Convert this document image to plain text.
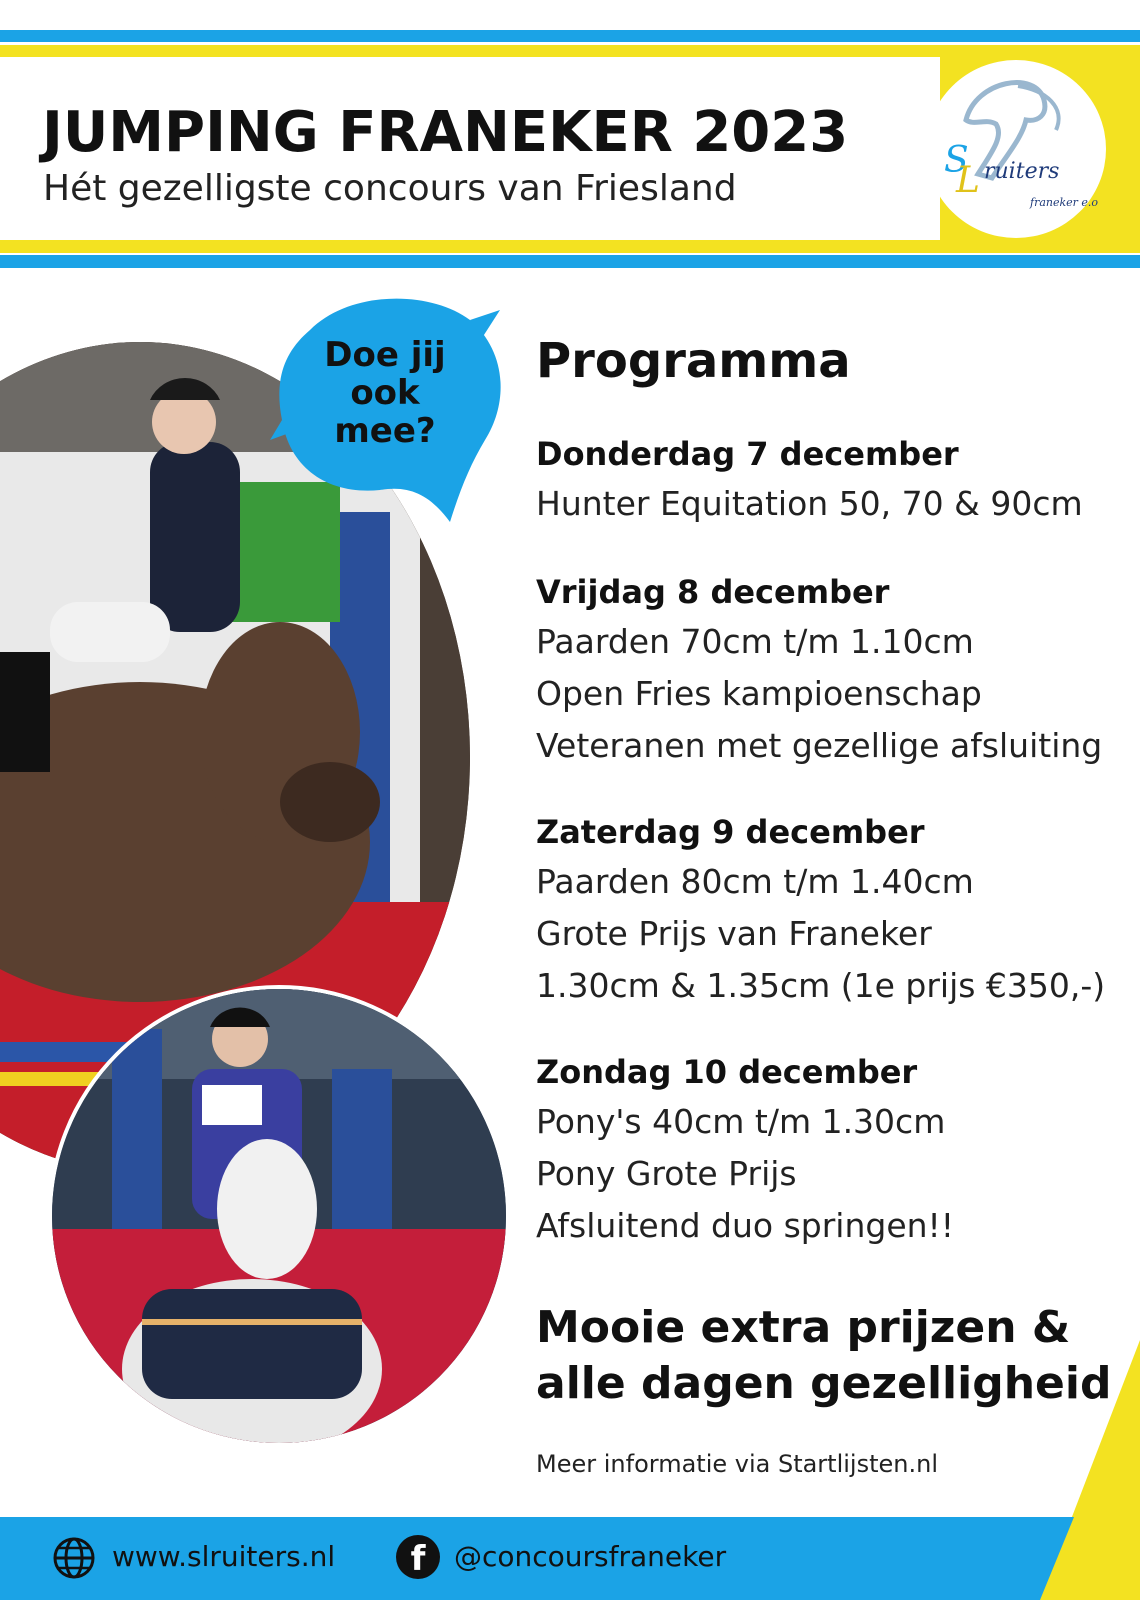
S
L ruiters
franeker e.o
JUMPING FRANEKER 2023
Hét gezelligste concours van Friesland
Doe jij
ook
mee?
Programma
Donderdag 7 december
Hunter Equitation 50, 70 & 90cm
Vrijdag 8 december
Paarden 70cm t/m 1.10cm
Open Fries kampioenschap
Veteranen met gezellige afsluiting
Zaterdag 9 december
Paarden 80cm t/m 1.40cm
Grote Prijs van Franeker
1.30cm & 1.35cm (1e prijs €350,-)
Zondag 10 december
Pony's 40cm t/m 1.30cm
Pony Grote Prijs
Afsluitend duo springen!!
Mooie extra prijzen &
alle dagen gezelligheid
Meer informatie via Startlijsten.nl
www.slruiters.nl	f	@concoursfraneker
